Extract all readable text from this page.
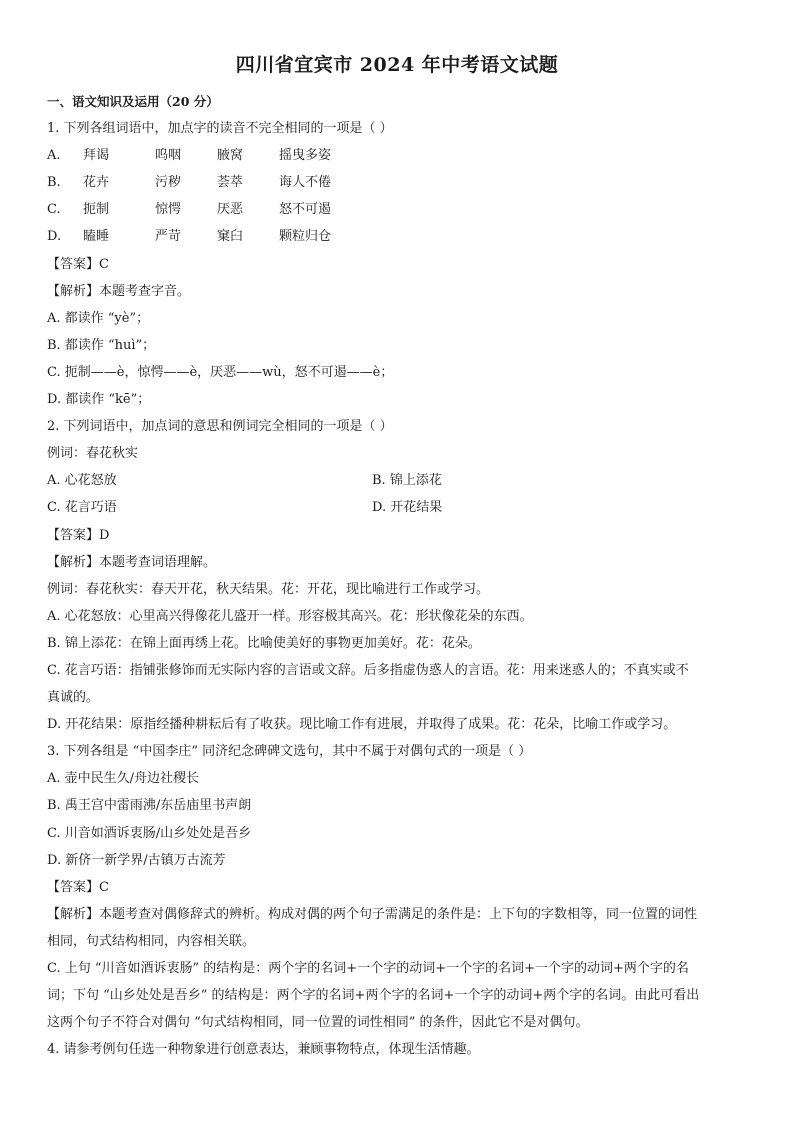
四川省宜宾市 2024 年中考语文试题
一、语文知识及运用（20 分）
1. 下列各组词语中，加点字的读音不完全相同的一项是（ ）
A. 拜谒	呜咽	腋窝	摇曳多姿
B. 花卉	污秽	荟萃	诲人不倦
C. 扼制	惊愕	厌恶	怒不可遏
D. 瞌睡	严苛	窠臼	颗粒归仓
【答案】C
【解析】本题考查字音。
A. 都读作 “yè”；
B. 都读作 “huì”；
C. 扼制——è，惊愕——è，厌恶——wù，怒不可遏——è；
D. 都读作 “kē”；
2. 下列词语中，加点词的意思和例词完全相同的一项是（ ）
例词：春花秋实
A. 心花怒放	B. 锦上添花
C. 花言巧语	D. 开花结果
【答案】D
【解析】本题考查词语理解。
例词：春花秋实：春天开花，秋天结果。花：开花，现比喻进行工作或学习。
A. 心花怒放：心里高兴得像花儿盛开一样。形容极其高兴。花：形状像花朵的东西。
B. 锦上添花：在锦上面再绣上花。比喻使美好的事物更加美好。花：花朵。
C. 花言巧语：指铺张修饰而无实际内容的言语或文辞。后多指虚伪惑人的言语。花：用来迷惑人的；不真实或不
真诚的。
D. 开花结果：原指经播种耕耘后有了收获。现比喻工作有进展，并取得了成果。花：花朵，比喻工作或学习。
3. 下列各组是 “中国李庄” 同济纪念碑碑文选句，其中不属于对偶句式的一项是（ ）
A. 壶中民生久/舟边社稷长
B. 禹王宫中雷雨沸/东岳庙里书声朗
C. 川音如酒诉衷肠/山乡处处是吾乡
D. 新侪一新学界/古镇万古流芳
【答案】C
【解析】本题考查对偶修辞式的辨析。构成对偶的两个句子需满足的条件是：上下句的字数相等，同一位置的词性
相同，句式结构相同，内容相关联。
C. 上句 “川音如酒诉衷肠” 的结构是：两个字的名词+一个字的动词+一个字的名词+一个字的动词+两个字的名
词；下句 “山乡处处是吾乡” 的结构是：两个字的名词+两个字的名词+一个字的动词+两个字的名词。由此可看出
这两个句子不符合对偶句 “句式结构相同，同一位置的词性相同” 的条件，因此它不是对偶句。
4. 请参考例句任选一种物象进行创意表达，兼顾事物特点，体现生活情趣。
